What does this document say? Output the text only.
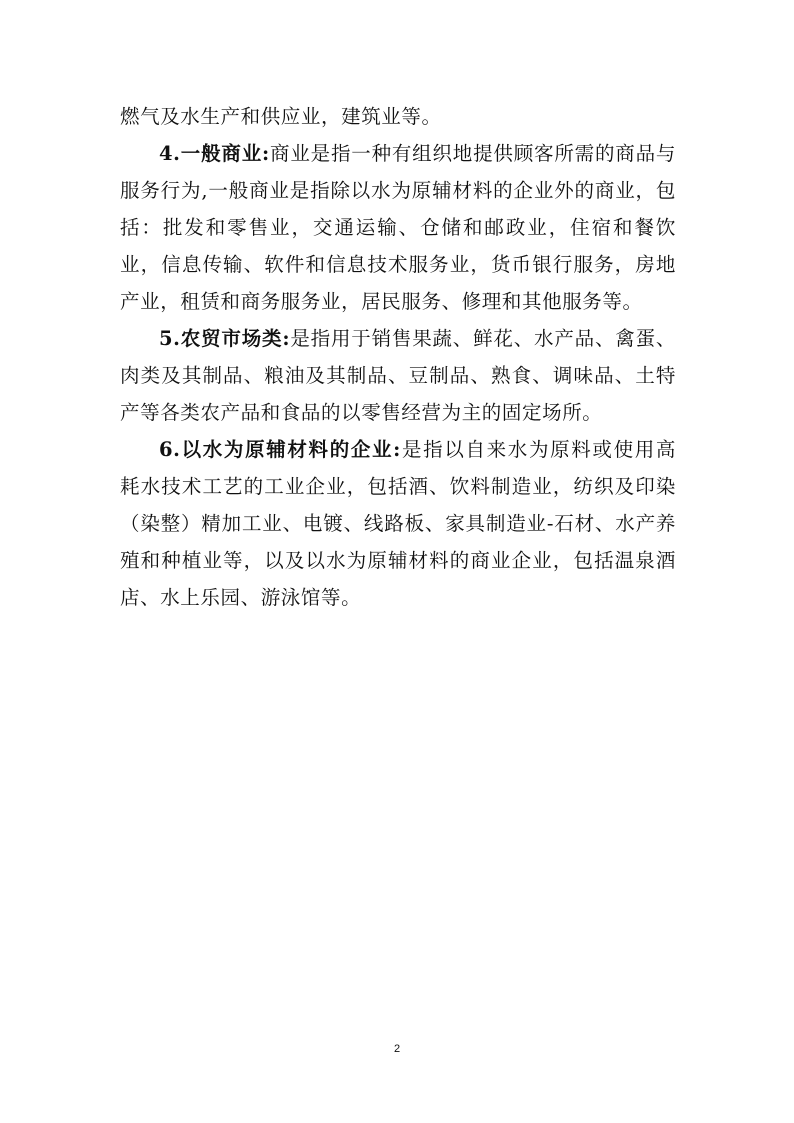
燃气及水生产和供应业，建筑业等。

4.一般商业:商业是指一种有组织地提供顾客所需的商品与服务行为,一般商业是指除以水为原辅材料的企业外的商业，包括：批发和零售业，交通运输、仓储和邮政业，住宿和餐饮业，信息传输、软件和信息技术服务业，货币银行服务，房地产业，租赁和商务服务业，居民服务、修理和其他服务等。

5.农贸市场类:是指用于销售果蔬、鲜花、水产品、禽蛋、肉类及其制品、粮油及其制品、豆制品、熟食、调味品、土特产等各类农产品和食品的以零售经营为主的固定场所。

6.以水为原辅材料的企业:是指以自来水为原料或使用高 耗水技术工艺的工业企业，包括酒、饮料制造业，纺织及印染（染整）精加工业、电镀、线路板、家具制造业-石材、水产养殖和种植业等，以及以水为原辅材料的商业企业，包括温泉酒店、水上乐园、游泳馆等。

2
